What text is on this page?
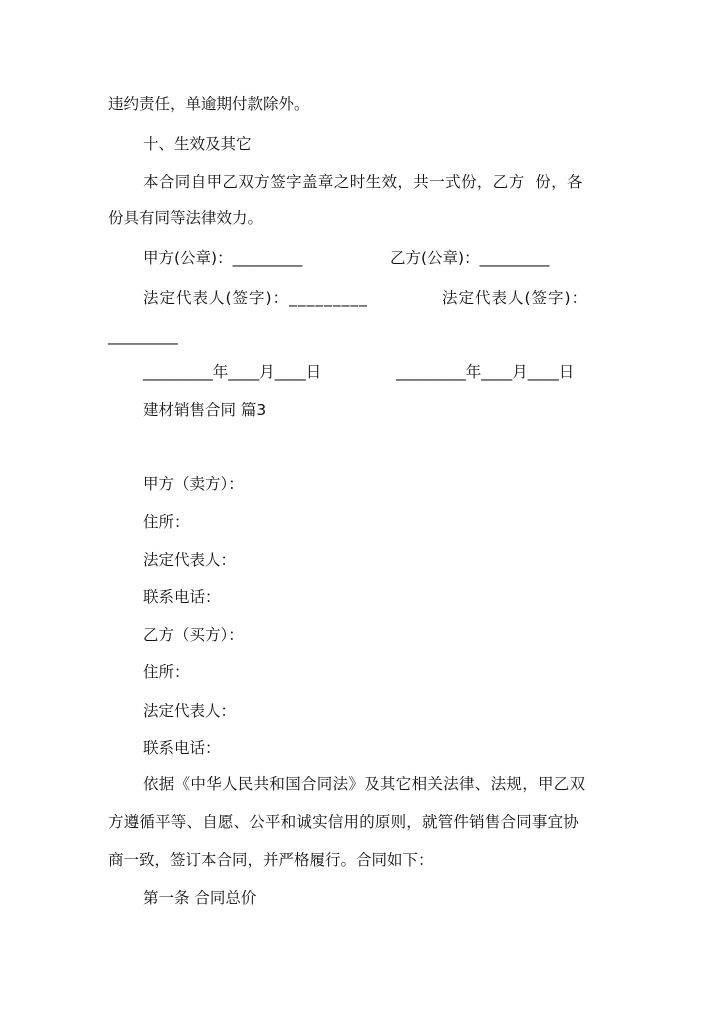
违约责任，单逾期付款除外。
十、生效及其它
本合同自甲乙双方签字盖章之时生效，共一式份，乙方  份，各
份具有同等法律效力。
甲方(公章)：_________	乙方(公章)：_________
法定代表人(签字)：_________	法定代表人(签字)：
_________
_________年____月____日	_________年____月____日
建材销售合同 篇3
甲方（卖方）：
住所：
法定代表人：
联系电话：
乙方（买方）：
住所：
法定代表人：
联系电话：
依据《中华人民共和国合同法》及其它相关法律、法规，甲乙双
方遵循平等、自愿、公平和诚实信用的原则，就管件销售合同事宜协
商一致，签订本合同，并严格履行。合同如下：
第一条 合同总价
